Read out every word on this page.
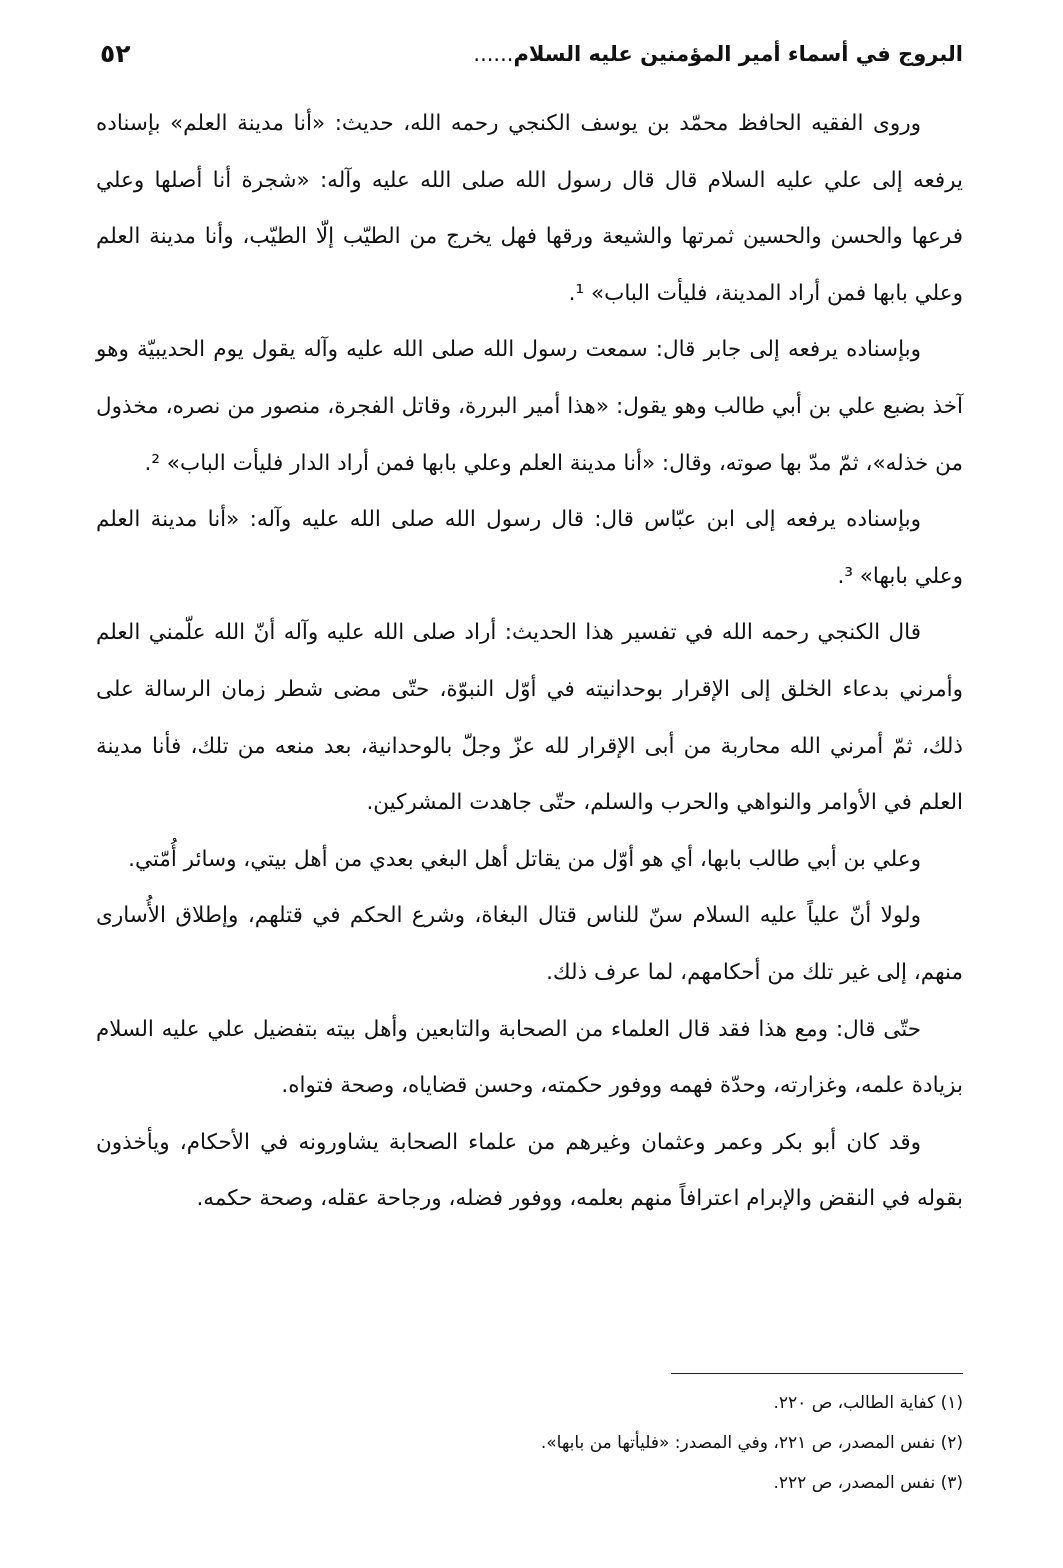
٥٢	البروج في أسماء أمير المؤمنين عليه السلام......

وروى الفقيه الحافظ محمّد بن يوسف الكنجي رحمه الله، حديث: «أنا مدينة العلم» بإسناده يرفعه إلى علي عليه السلام قال قال رسول الله صلى الله عليه وآله: «شجرة أنا أصلها وعلي فرعها والحسن والحسين ثمرتها والشيعة ورقها فهل يخرج من الطيّب إلّا الطيّب، وأنا مدينة العلم وعلي بابها فمن أراد المدينة، فليأت الباب» ¹.

وبإسناده يرفعه إلى جابر قال: سمعت رسول الله صلى الله عليه وآله يقول يوم الحديبيّة وهو آخذ بضبع علي بن أبي طالب وهو يقول: «هذا أمير البررة، وقاتل الفجرة، منصور من نصره، مخذول من خذله»، ثمّ مدّ بها صوته، وقال: «أنا مدينة العلم وعلي بابها فمن أراد الدار فليأت الباب» ².

وبإسناده يرفعه إلى ابن عبّاس قال: قال رسول الله صلى الله عليه وآله: «أنا مدينة العلم وعلي بابها» ³.

قال الكنجي رحمه الله في تفسير هذا الحديث: أراد صلى الله عليه وآله أنّ الله علّمني العلم وأمرني بدعاء الخلق إلى الإقرار بوحدانيته في أوّل النبوّة، حتّى مضى شطر زمان الرسالة على ذلك، ثمّ أمرني الله محاربة من أبى الإقرار لله عزّ وجلّ بالوحدانية، بعد منعه من تلك، فأنا مدينة العلم في الأوامر والنواهي والحرب والسلم، حتّى جاهدت المشركين.

وعلي بن أبي طالب بابها، أي هو أوّل من يقاتل أهل البغي بعدي من أهل بيتي، وسائر أُمّتي.

ولولا أنّ علياً عليه السلام سنّ للناس قتال البغاة، وشرع الحكم في قتلهم، وإطلاق الأُسارى منهم، إلى غير تلك من أحكامهم، لما عرف ذلك.

حتّى قال: ومع هذا فقد قال العلماء من الصحابة والتابعين وأهل بيته بتفضيل علي عليه السلام بزيادة علمه، وغزارته، وحدّة فهمه ووفور حكمته، وحسن قضاياه، وصحة فتواه.

وقد كان أبو بكر وعمر وعثمان وغيرهم من علماء الصحابة يشاورونه في الأحكام، ويأخذون بقوله في النقض والإبرام اعترافاً منهم بعلمه، ووفور فضله، ورجاحة عقله، وصحة حكمه.

(١) كفاية الطالب، ص ٢٢٠.
(٢) نفس المصدر، ص ٢٢١، وفي المصدر: «فليأتها من بابها».
(٣) نفس المصدر، ص ٢٢٢.
